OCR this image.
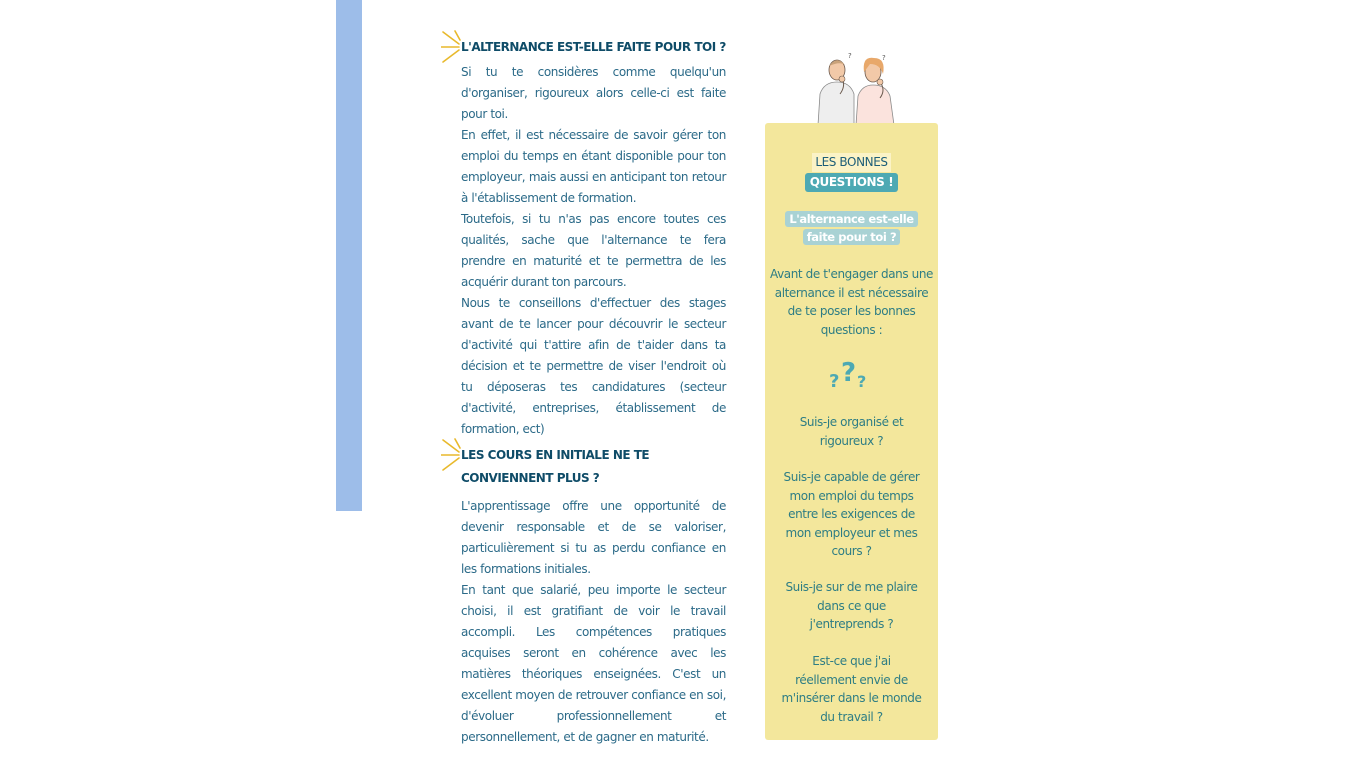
L'ALTERNANCE EST-ELLE FAITE POUR TOI ?

Si tu te considères comme quelqu'un d'organiser, rigoureux alors celle-ci est faite pour toi.

En effet, il est nécessaire de savoir gérer ton emploi du temps en étant disponible pour ton employeur, mais aussi en anticipant ton retour à l'établissement de formation.

Toutefois, si tu n'as pas encore toutes ces qualités, sache que l'alternance te fera prendre en maturité et te permettra de les acquérir durant ton parcours.

Nous te conseillons d'effectuer des stages avant de te lancer pour découvrir le secteur d'activité qui t'attire afin de t'aider dans ta décision et te permettre de viser l'endroit où tu déposeras tes candidatures (secteur d'activité, entreprises, établissement de formation, ect)

LES COURS EN INITIALE NE TE CONVIENNENT PLUS ?

L'apprentissage offre une opportunité de devenir responsable et de se valoriser, particulièrement si tu as perdu confiance en les formations initiales.

En tant que salarié, peu importe le secteur choisi, il est gratifiant de voir le travail accompli. Les compétences pratiques acquises seront en cohérence avec les matières théoriques enseignées. C'est un excellent moyen de retrouver confiance en soi, d'évoluer professionnellement et personnellement, et de gagner en maturité.

?	?
LES BONNES
QUESTIONS !
L'alternance est-elle faite pour toi ?
Avant de t'engager dans une alternance il est nécessaire de te poser les bonnes questions :
? ? ?
Suis-je organisé et rigoureux ?
Suis-je capable de gérer mon emploi du temps entre les exigences de mon employeur et mes cours ?
Suis-je sur de me plaire dans ce que j'entreprends ?
Est-ce que j'ai réellement envie de m'insérer dans le monde du travail ?
